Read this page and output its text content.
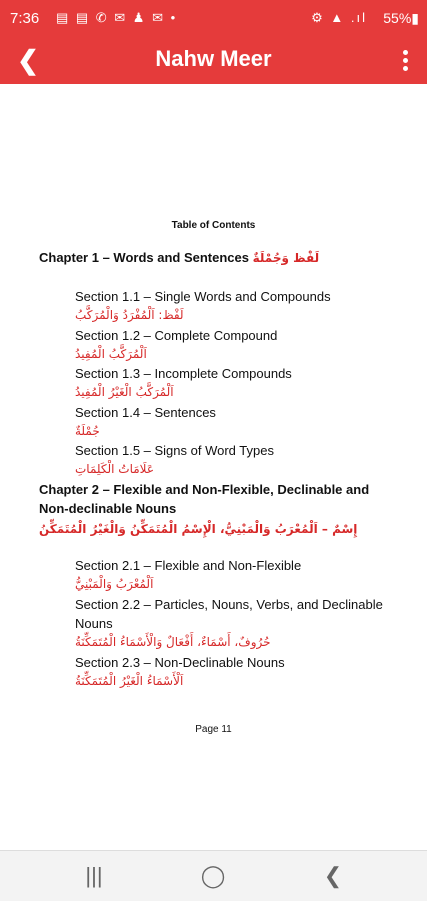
7:36 ▤ ▤ ✆ ✉ ♟ ✉ •	⚙ ▲ .ıl 55%▮
❮	Nahw Meer
Table of Contents
Chapter 1 – Words and Sentences لَفْظ وَجُمْلَةٌ
Section 1.1 – Single Words and Compounds
لَفْظ: اَلْمُفْرَدُ وَالْمُرَكَّبُ
Section 1.2 – Complete Compound
اَلْمُرَكَّبُ الْمُفِيدُ
Section 1.3 – Incomplete Compounds
اَلْمُرَكَّبُ الْغَيْرُ الْمُفِيدُ
Section 1.4 – Sentences
جُمْلَةٌ
Section 1.5 – Signs of Word Types
عَلَامَاتُ الْكَلِمَاتِ
Chapter 2 – Flexible and Non-Flexible, Declinable and Non-declinable Nouns
إِسْمٌ – اَلْمُعْرَبُ وَالْمَبْنِيُّ، الْإِسْمُ الْمُتَمَكِّنُ وَالْغَيْرُ الْمُتَمَكِّنُ
Section 2.1 – Flexible and Non-Flexible
اَلْمُعْرَبُ وَالْمَبْنِيُّ
Section 2.2 – Particles, Nouns, Verbs, and Declinable Nouns
حُرُوفٌ، أَسْمَاءٌ، أَفْعَالٌ وَالْأَسْمَاءُ الْمُتَمَكِّنَةُ
Section 2.3 – Non-Declinable Nouns
اَلْأَسْمَاءُ الْغَيْرُ الْمُتَمَكِّنَةُ
Page 11
|||	◯	❮
